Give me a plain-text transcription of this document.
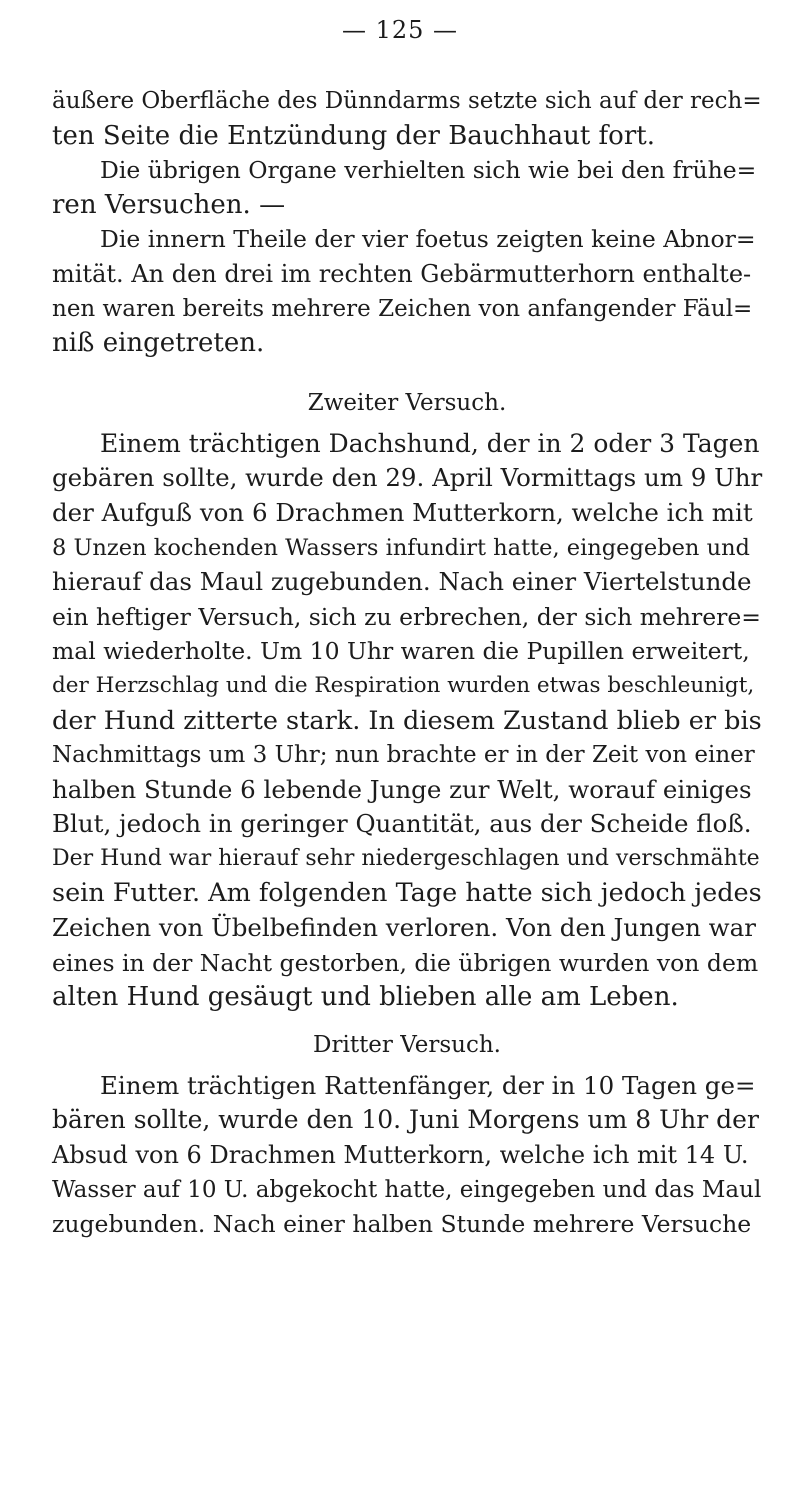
— 125 —

äußere Oberfläche des Dünndarms setzte sich auf der rech=
ten Seite die Entzündung der Bauchhaut fort.

Die übrigen Organe verhielten sich wie bei den frühe=
ren Versuchen. —

Die innern Theile der vier foetus zeigten keine Abnor=
mität. An den drei im rechten Gebärmutterhorn enthalte-
nen waren bereits mehrere Zeichen von anfangender Fäul=
niß eingetreten.

Zweiter Versuch.

Einem trächtigen Dachshund, der in 2 oder 3 Tagen
gebären sollte, wurde den 29. April Vormittags um 9 Uhr
der Aufguß von 6 Drachmen Mutterkorn, welche ich mit
8 Unzen kochenden Wassers infundirt hatte, eingegeben und
hierauf das Maul zugebunden. Nach einer Viertelstunde
ein heftiger Versuch, sich zu erbrechen, der sich mehrere=
mal wiederholte. Um 10 Uhr waren die Pupillen erweitert,
der Herzschlag und die Respiration wurden etwas beschleunigt,
der Hund zitterte stark. In diesem Zustand blieb er bis
Nachmittags um 3 Uhr; nun brachte er in der Zeit von einer
halben Stunde 6 lebende Junge zur Welt, worauf einiges
Blut, jedoch in geringer Quantität, aus der Scheide floß.
Der Hund war hierauf sehr niedergeschlagen und verschmähte
sein Futter. Am folgenden Tage hatte sich jedoch jedes
Zeichen von Übelbefinden verloren. Von den Jungen war
eines in der Nacht gestorben, die übrigen wurden von dem
alten Hund gesäugt und blieben alle am Leben.

Dritter Versuch.

Einem trächtigen Rattenfänger, der in 10 Tagen ge=
bären sollte, wurde den 10. Juni Morgens um 8 Uhr der
Absud von 6 Drachmen Mutterkorn, welche ich mit 14 U.
Wasser auf 10 U. abgekocht hatte, eingegeben und das Maul
zugebunden. Nach einer halben Stunde mehrere Versuche
